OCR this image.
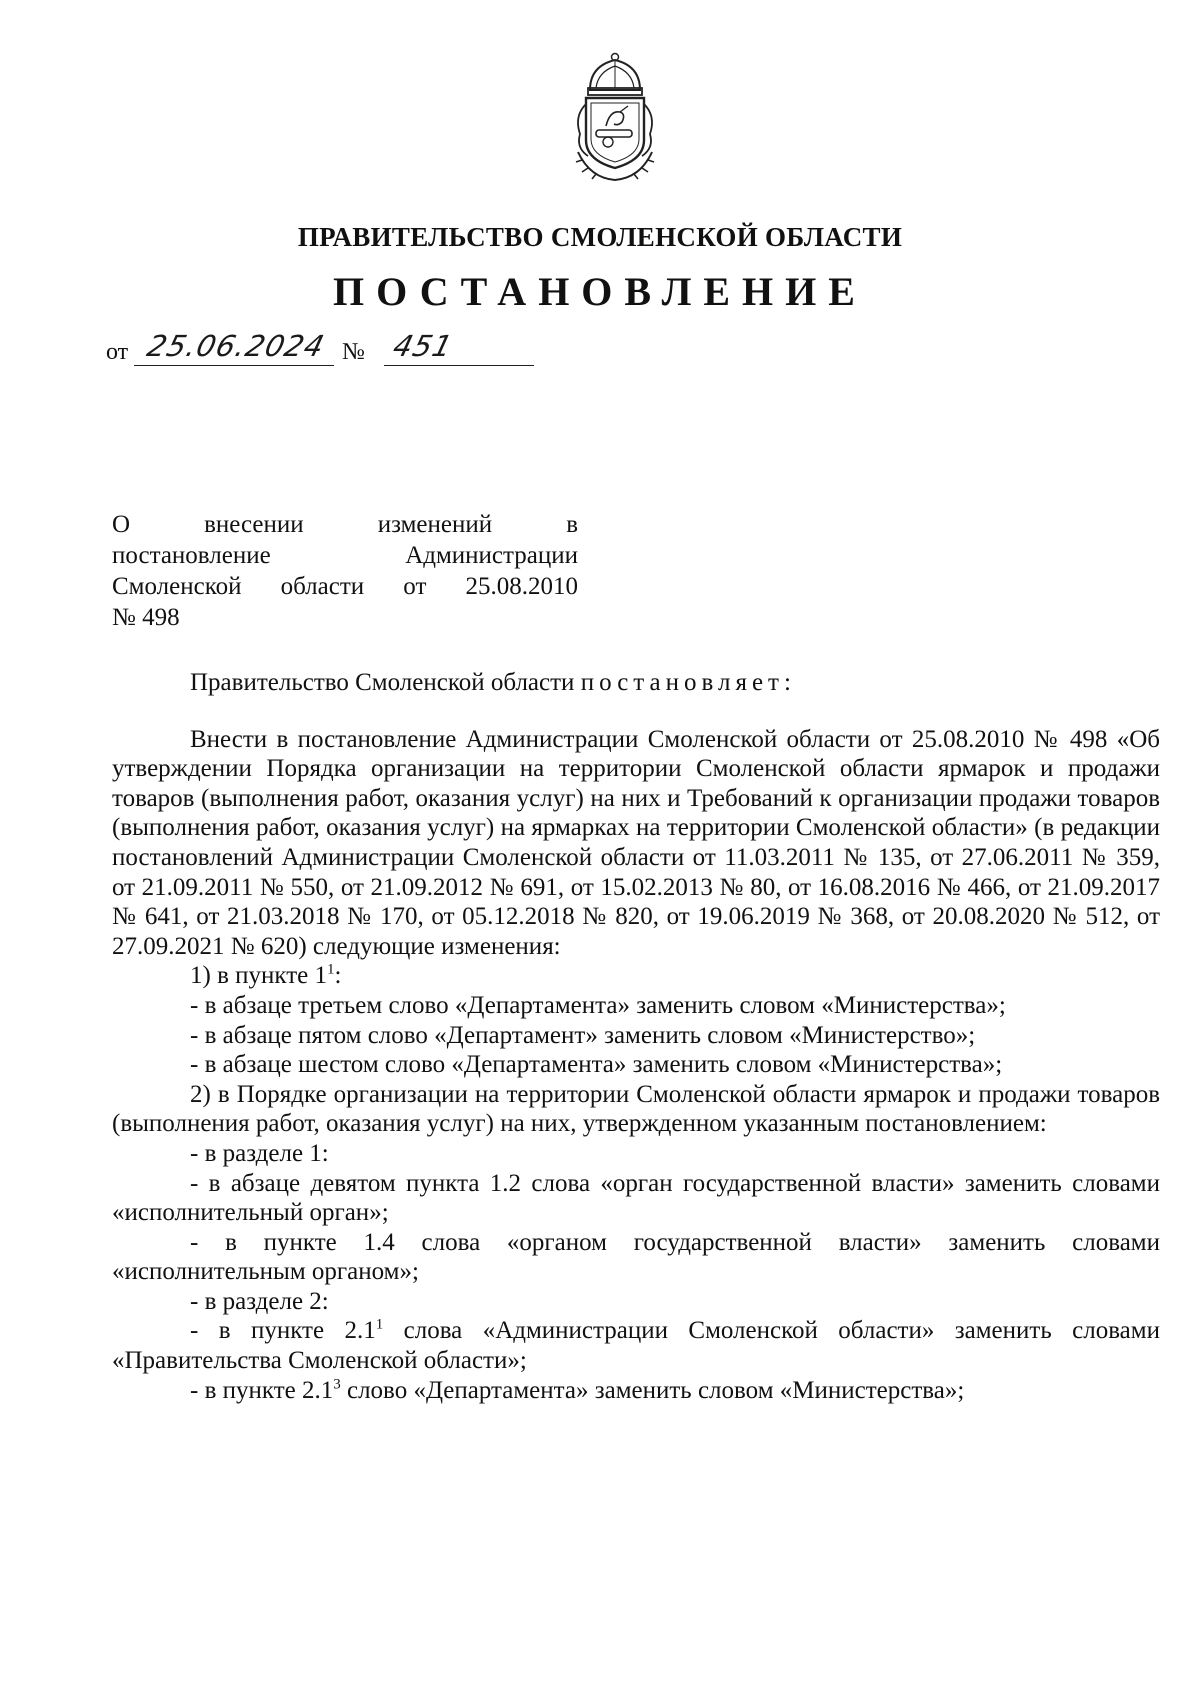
ПРАВИТЕЛЬСТВО СМОЛЕНСКОЙ ОБЛАСТИ
ПОСТАНОВЛЕНИЕ
от 25.06.2024 № 451
О внесении изменений в
постановление Администрации
Смоленской области от 25.08.2010
№ 498

Правительство Смоленской области постановляет:

Внести в постановление Администрации Смоленской области от 25.08.2010 № 498 «Об утверждении Порядка организации на территории Смоленской области ярмарок и продажи товаров (выполнения работ, оказания услуг) на них и Требований к организации продажи товаров (выполнения работ, оказания услуг) на ярмарках на территории Смоленской области» (в редакции постановлений Администрации Смоленской области от 11.03.2011 № 135, от 27.06.2011 № 359, от 21.09.2011 № 550, от 21.09.2012 № 691, от 15.02.2013 № 80, от 16.08.2016 № 466, от 21.09.2017 № 641, от 21.03.2018 № 170, от 05.12.2018 № 820, от 19.06.2019 № 368, от 20.08.2020 № 512, от 27.09.2021 № 620) следующие изменения:

1) в пункте $1^1$:

- в абзаце третьем слово «Департамента» заменить словом «Министерства»;

- в абзаце пятом слово «Департамент» заменить словом «Министерство»;

- в абзаце шестом слово «Департамента» заменить словом «Министерства»;

2) в Порядке организации на территории Смоленской области ярмарок и продажи товаров (выполнения работ, оказания услуг) на них, утвержденном указанным постановлением:

- в разделе 1:

- в абзаце девятом пункта 1.2 слова «орган государственной власти» заменить словами «исполнительный орган»;

- в пункте 1.4 слова «органом государственной власти» заменить словами «исполнительным органом»;

- в разделе 2:

- в пункте $2.1^1$ слова «Администрации Смоленской области» заменить словами «Правительства Смоленской области»;

- в пункте $2.1^3$ слово «Департамента» заменить словом «Министерства»;
